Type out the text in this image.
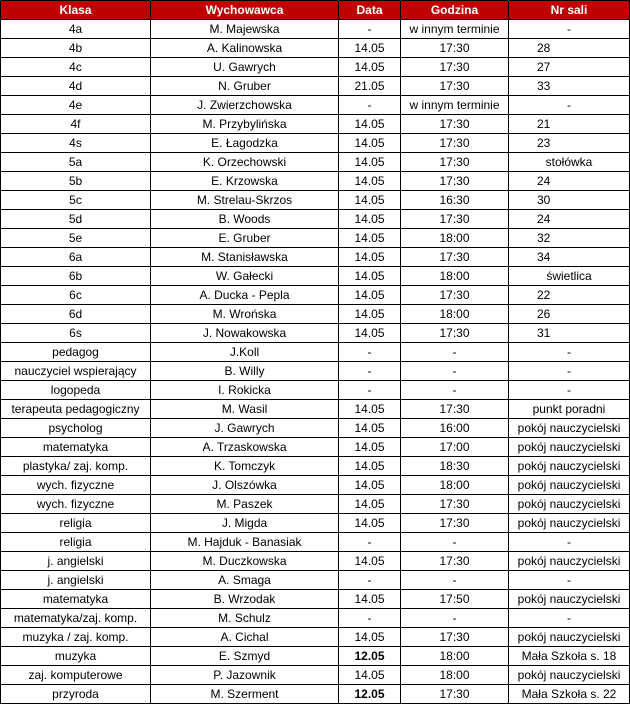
Klasa	Wychowawca	Data	Godzina	Nr sali
4a	M. Majewska	-	w innym terminie	-
4b	A. Kalinowska	14.05	17:30	28
4c	U. Gawrych	14.05	17:30	27
4d	N. Gruber	21.05	17:30	33
4e	J. Zwierzchowska	-	w innym terminie	-
4f	M. Przybylińska	14.05	17:30	21
4s	E. Łagodzka	14.05	17:30	23
5a	K. Orzechowski	14.05	17:30	stołówka
5b	E. Krzowska	14.05	17:30	24
5c	M. Strelau-Skrzos	14.05	16:30	30
5d	B. Woods	14.05	17:30	24
5e	E. Gruber	14.05	18:00	32
6a	M. Stanisławska	14.05	17:30	34
6b	W. Gałecki	14.05	18:00	świetlica
6c	A. Ducka - Pepla	14.05	17:30	22
6d	M. Wrońska	14.05	18:00	26
6s	J. Nowakowska	14.05	17:30	31
pedagog	J.Koll	-	-	-
nauczyciel wspierający	B. Willy	-	-	-
logopeda	I. Rokicka	-	-	-
terapeuta pedagogiczny	M. Wasil	14.05	17:30	punkt poradni
psycholog	J. Gawrych	14.05	16:00	pokój nauczycielski
matematyka	A. Trzaskowska	14.05	17:00	pokój nauczycielski
plastyka/ zaj. komp.	K. Tomczyk	14.05	18:30	pokój nauczycielski
wych. fizyczne	J. Olszówka	14.05	18:00	pokój nauczycielski
wych. fizyczne	M. Paszek	14.05	17:30	pokój nauczycielski
religia	J. Migda	14.05	17:30	pokój nauczycielski
religia	M. Hajduk - Banasiak	-	-	-
j. angielski	M. Duczkowska	14.05	17:30	pokój nauczycielski
j. angielski	A. Smaga	-	-	-
matematyka	B. Wrzodak	14.05	17:50	pokój nauczycielski
matematyka/zaj. komp.	M. Schulz	-	-	-
muzyka / zaj. komp.	A. Cichal	14.05	17:30	pokój nauczycielski
muzyka	E. Szmyd	12.05	18:00	Mała Szkoła s. 18
zaj. komputerowe	P. Jazownik	14.05	18:00	pokój nauczycielski
przyroda	M. Szerment	12.05	17:30	Mała Szkoła s. 22
